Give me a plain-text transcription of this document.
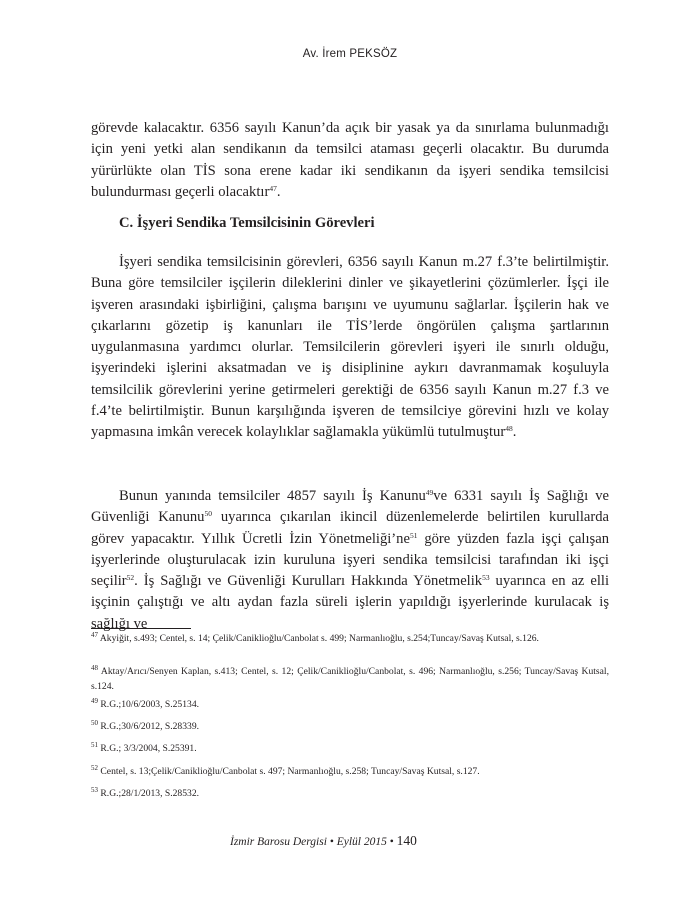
Av. İrem PEKSÖZ

görevde kalacaktır. 6356 sayılı Kanun’da açık bir yasak ya da sınırlama bulunmadığı için yeni yetki alan sendikanın da temsilci ataması geçerli olacaktır. Bu durumda yürürlükte olan TİS sona erene kadar iki sendikanın da işyeri sendika temsilcisi bulundurması geçerli olacaktır$^{47}$.

C. İşyeri Sendika Temsilcisinin Görevleri

İşyeri sendika temsilcisinin görevleri, 6356 sayılı Kanun m.27 f.3’te belirtilmiştir. Buna göre temsilciler işçilerin dileklerini dinler ve şikayetlerini çözümlerler. İşçi ile işveren arasındaki işbirliğini, çalışma barışını ve uyumunu sağlarlar. İşçilerin hak ve çıkarlarını gözetip iş kanunları ile TİS’lerde öngörülen çalışma şartlarının uygulanmasına yardımcı olurlar. Temsilcilerin görevleri işyeri ile sınırlı olduğu, işyerindeki işlerini aksatmadan ve iş disiplinine aykırı davranmamak koşuluyla temsilcilik görevlerini yerine getirmeleri gerektiği de 6356 sayılı Kanun m.27 f.3 ve f.4’te belirtilmiştir. Bunun karşılığında işveren de temsilciye görevini hızlı ve kolay yapmasına imkân verecek kolaylıklar sağlamakla yükümlü tutulmuştur$^{48}$.

Bunun yanında temsilciler 4857 sayılı İş Kanunu$^{49}$ve 6331 sayılı İş Sağlığı ve Güvenliği Kanunu$^{50}$ uyarınca çıkarılan ikincil düzenlemelerde belirtilen kurullarda görev yapacaktır. Yıllık Ücretli İzin $Yönetmeliği’ne^{51}$ göre yüzden fazla işçi çalışan işyerlerinde oluşturulacak izin kuruluna işyeri sendika temsilcisi tarafından iki işçi seçilir$^{52}$. İş Sağlığı ve Güvenliği Kurulları Hakkında Yönetmelik$^{53}$ uyarınca en az elli işçinin çalıştığı ve altı aydan fazla süreli işlerin yapıldığı işyerlerinde kurulacak iş sağlığı ve

$^{47}$ Akyiğit, s.493; Centel, s. 14; Çelik/Caniklioğlu/Canbolat s. 499; Narmanlıoğlu, s.254;Tuncay/Savaş Kutsal, s.126.

$^{48}$ Aktay/Arıcı/Senyen Kaplan, s.413; Centel, s. 12; Çelik/Caniklioğlu/Canbolat, s. 496; Narmanlıoğlu, s.256; Tuncay/Savaş Kutsal, s.124.

$^{49}$ R.G.;10/6/2003, S.25134.

$^{50}$ R.G.;30/6/2012, S.28339.

$^{51}$ R.G.; 3/3/2004, S.25391.

$^{52}$ Centel, s. 13;Çelik/Caniklioğlu/Canbolat s. 497; Narmanlıoğlu, s.258; Tuncay/Savaş Kutsal, s.127.

$^{53}$ R.G.;28/1/2013, S.28532.

İzmir Barosu Dergisi • Eylül 2015 • 140
